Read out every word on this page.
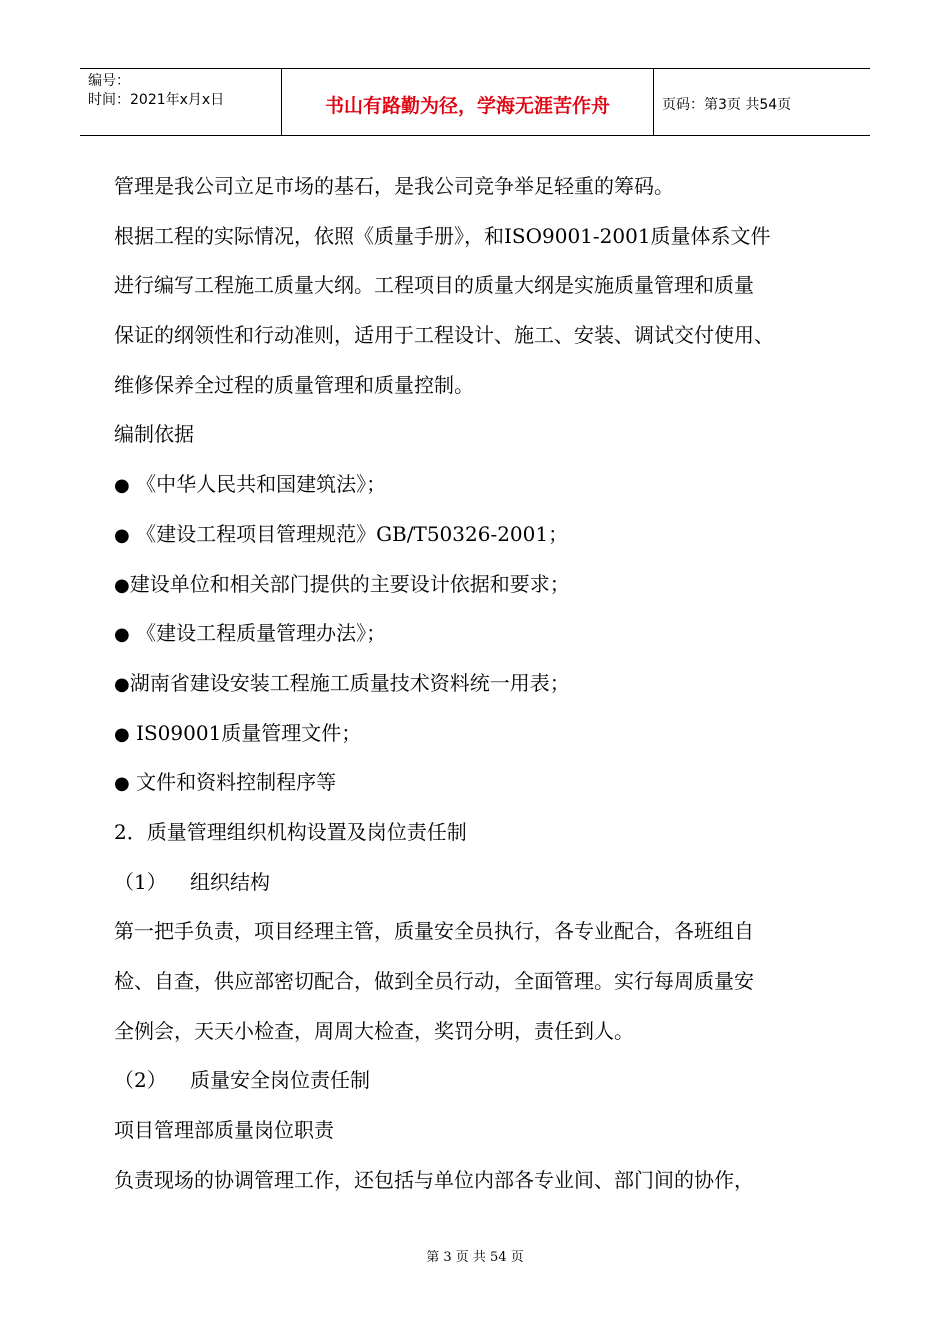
编号：
时间：2021年x月x日	书山有路勤为径，学海无涯苦作舟	页码：第3页 共54页
管理是我公司立足市场的基石，是我公司竞争举足轻重的筹码。
根据工程的实际情况，依照《质量手册》，和ISO9001-2001质量体系文件
进行编写工程施工质量大纲。工程项目的质量大纲是实施质量管理和质量
保证的纲领性和行动准则，适用于工程设计、施工、安装、调试交付使用、
维修保养全过程的质量管理和质量控制。
编制依据
● 《中华人民共和国建筑法》；
● 《建设工程项目管理规范》GB/T50326-2001；
●建设单位和相关部门提供的主要设计依据和要求；
● 《建设工程质量管理办法》；
●湖南省建设安装工程施工质量技术资料统一用表；
● IS09001质量管理文件；
● 文件和资料控制程序等
2．质量管理组织机构设置及岗位责任制
（1） 组织结构
第一把手负责，项目经理主管，质量安全员执行，各专业配合，各班组自
检、自查，供应部密切配合，做到全员行动，全面管理。实行每周质量安
全例会，天天小检查，周周大检查，奖罚分明，责任到人。
（2） 质量安全岗位责任制
项目管理部质量岗位职责
负责现场的协调管理工作，还包括与单位内部各专业间、部门间的协作，
第 3 页 共 54 页
